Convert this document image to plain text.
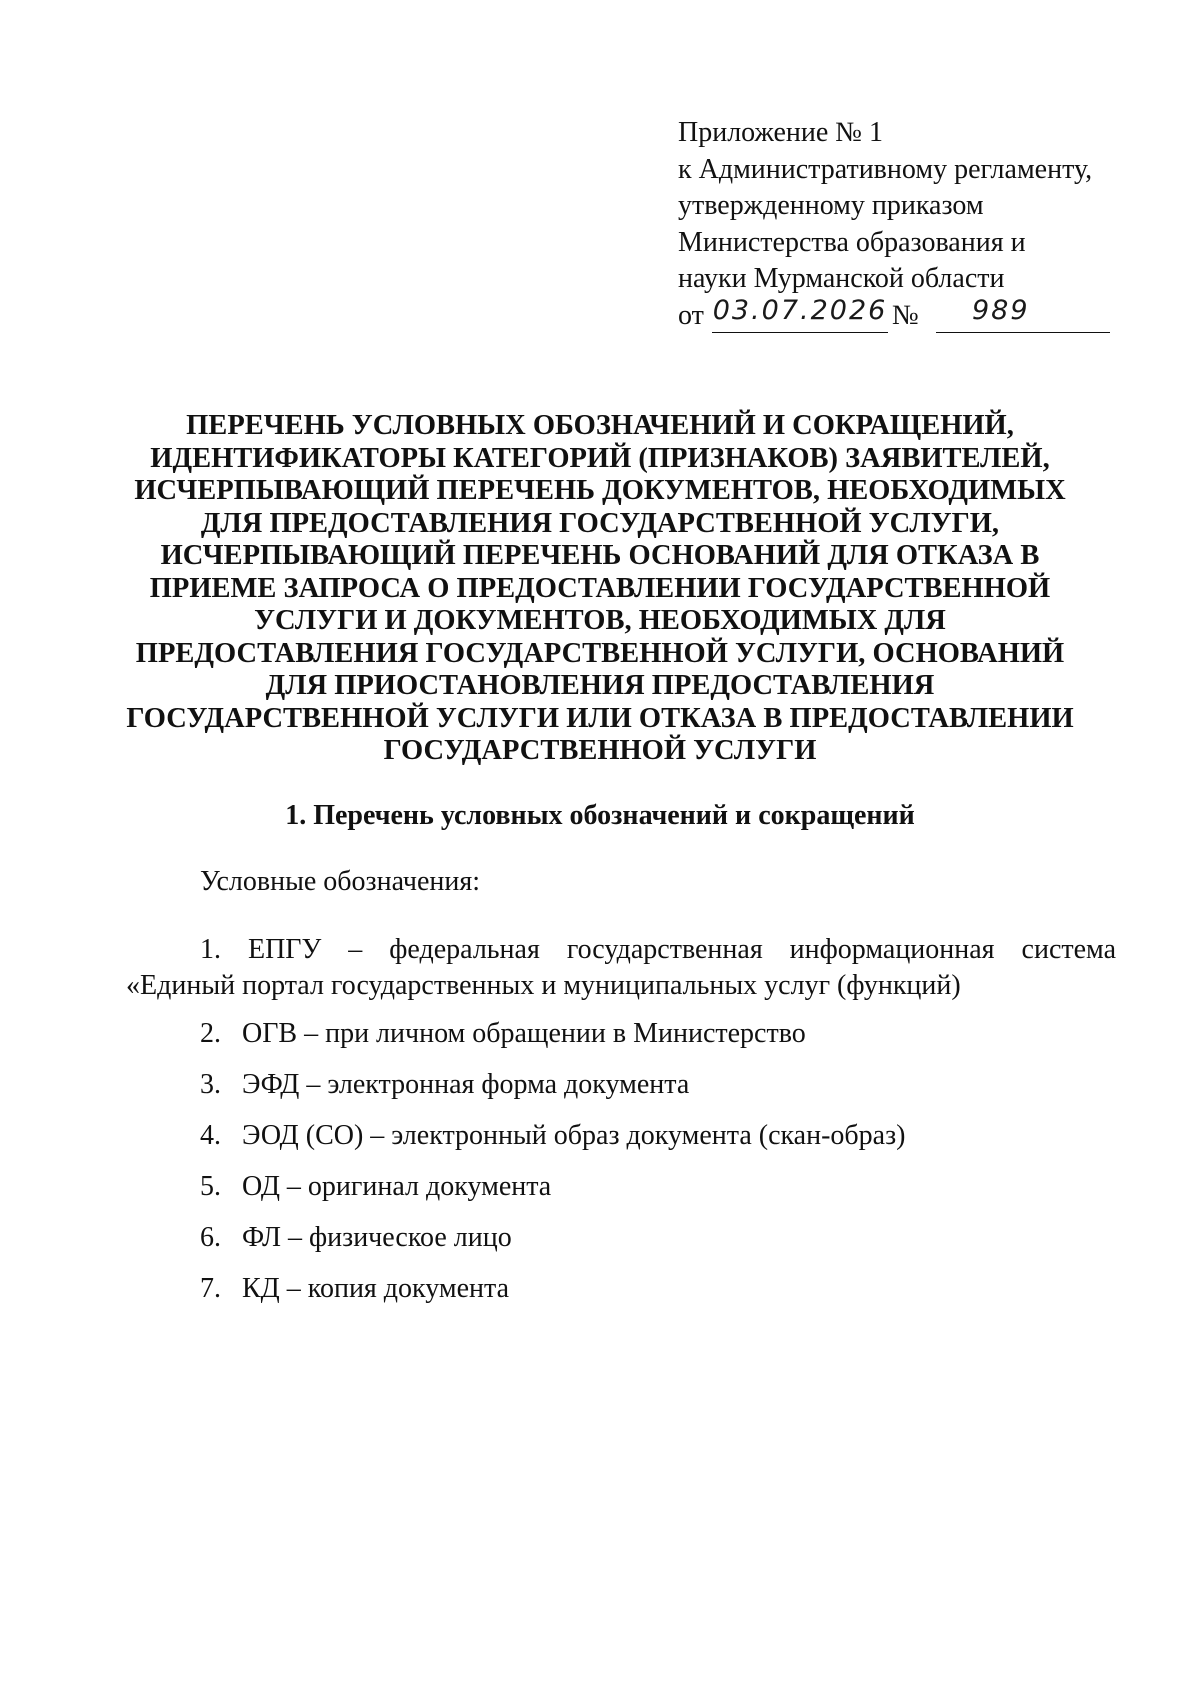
Приложение № 1
к Административному регламенту,
утвержденному приказом
Министерства образования и
науки Мурманской области
от 03.07.2026 №	989
ПЕРЕЧЕНЬ УСЛОВНЫХ ОБОЗНАЧЕНИЙ И СОКРАЩЕНИЙ,
ИДЕНТИФИКАТОРЫ КАТЕГОРИЙ (ПРИЗНАКОВ) ЗАЯВИТЕЛЕЙ,
ИСЧЕРПЫВАЮЩИЙ ПЕРЕЧЕНЬ ДОКУМЕНТОВ, НЕОБХОДИМЫХ
ДЛЯ ПРЕДОСТАВЛЕНИЯ ГОСУДАРСТВЕННОЙ УСЛУГИ,
ИСЧЕРПЫВАЮЩИЙ ПЕРЕЧЕНЬ ОСНОВАНИЙ ДЛЯ ОТКАЗА В
ПРИЕМЕ ЗАПРОСА О ПРЕДОСТАВЛЕНИИ ГОСУДАРСТВЕННОЙ
УСЛУГИ И ДОКУМЕНТОВ, НЕОБХОДИМЫХ ДЛЯ
ПРЕДОСТАВЛЕНИЯ ГОСУДАРСТВЕННОЙ УСЛУГИ, ОСНОВАНИЙ
ДЛЯ ПРИОСТАНОВЛЕНИЯ ПРЕДОСТАВЛЕНИЯ
ГОСУДАРСТВЕННОЙ УСЛУГИ ИЛИ ОТКАЗА В ПРЕДОСТАВЛЕНИИ
ГОСУДАРСТВЕННОЙ УСЛУГИ
1. Перечень условных обозначений и сокращений
Условные обозначения:
1. ЕПГУ – федеральная государственная информационная система
«Единый портал государственных и муниципальных услуг (функций)
2. ОГВ – при личном обращении в Министерство
3. ЭФД – электронная форма документа
4. ЭОД (СО) – электронный образ документа (скан-образ)
5. ОД – оригинал документа
6. ФЛ – физическое лицо
7. КД – копия документа
